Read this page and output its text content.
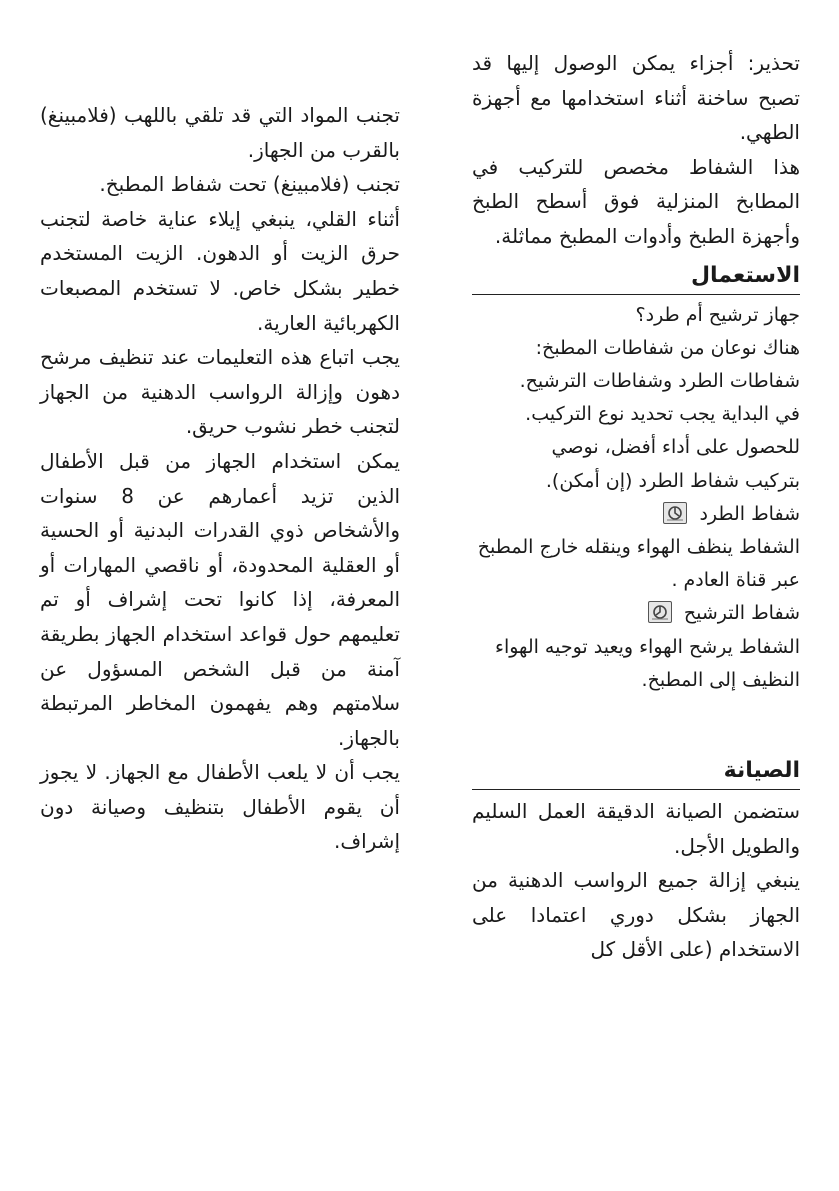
تحذير: أجزاء يمكن الوصول إليها قد تصبح ساخنة أثناء استخدامها مع أجهزة الطهي.

هذا الشفاط مخصص للتركيب في المطابخ المنزلية فوق أسطح الطبخ وأجهزة الطبخ وأدوات المطبخ مماثلة.

الاستعمال

جهاز ترشيح أم طرد؟

هناك نوعان من شفاطات المطبخ:

شفاطات الطرد وشفاطات الترشيح.

في البداية يجب تحديد نوع التركيب.

للحصول على أداء أفضل، نوصي

بتركيب شفاط الطرد (إن أمكن).

شفاط الطرد

الشفاط ينظف الهواء وينقله خارج المطبخ عبر قناة العادم .

شفاط الترشيح

الشفاط يرشح الهواء ويعيد توجيه الهواء النظيف إلى المطبخ.

الصيانة

ستضمن الصيانة الدقيقة العمل السليم والطويل الأجل.

ينبغي إزالة جميع الرواسب الدهنية من الجهاز بشكل دوري اعتمادا على الاستخدام (على الأقل كل

تجنب المواد التي قد تلقي باللهب (فلامبينغ) بالقرب من الجهاز.

تجنب (فلامبينغ) تحت شفاط المطبخ.

أثناء القلي، ينبغي إيلاء عناية خاصة لتجنب حرق الزيت أو الدهون. الزيت المستخدم خطير بشكل خاص. لا تستخدم المصبعات الكهربائية العارية.

يجب اتباع هذه التعليمات عند تنظيف مرشح دهون وإزالة الرواسب الدهنية من الجهاز لتجنب خطر نشوب حريق.

يمكن استخدام الجهاز من قبل الأطفال الذين تزيد أعمارهم عن 8 سنوات والأشخاص ذوي القدرات البدنية أو الحسية أو العقلية المحدودة، أو ناقصي المهارات أو المعرفة، إذا كانوا تحت إشراف أو تم تعليمهم حول قواعد استخدام الجهاز بطريقة آمنة من قبل الشخص المسؤول عن سلامتهم وهم يفهمون المخاطر المرتبطة بالجهاز.

يجب أن لا يلعب الأطفال مع الجهاز. لا يجوز أن يقوم الأطفال بتنظيف وصيانة دون إشراف.
